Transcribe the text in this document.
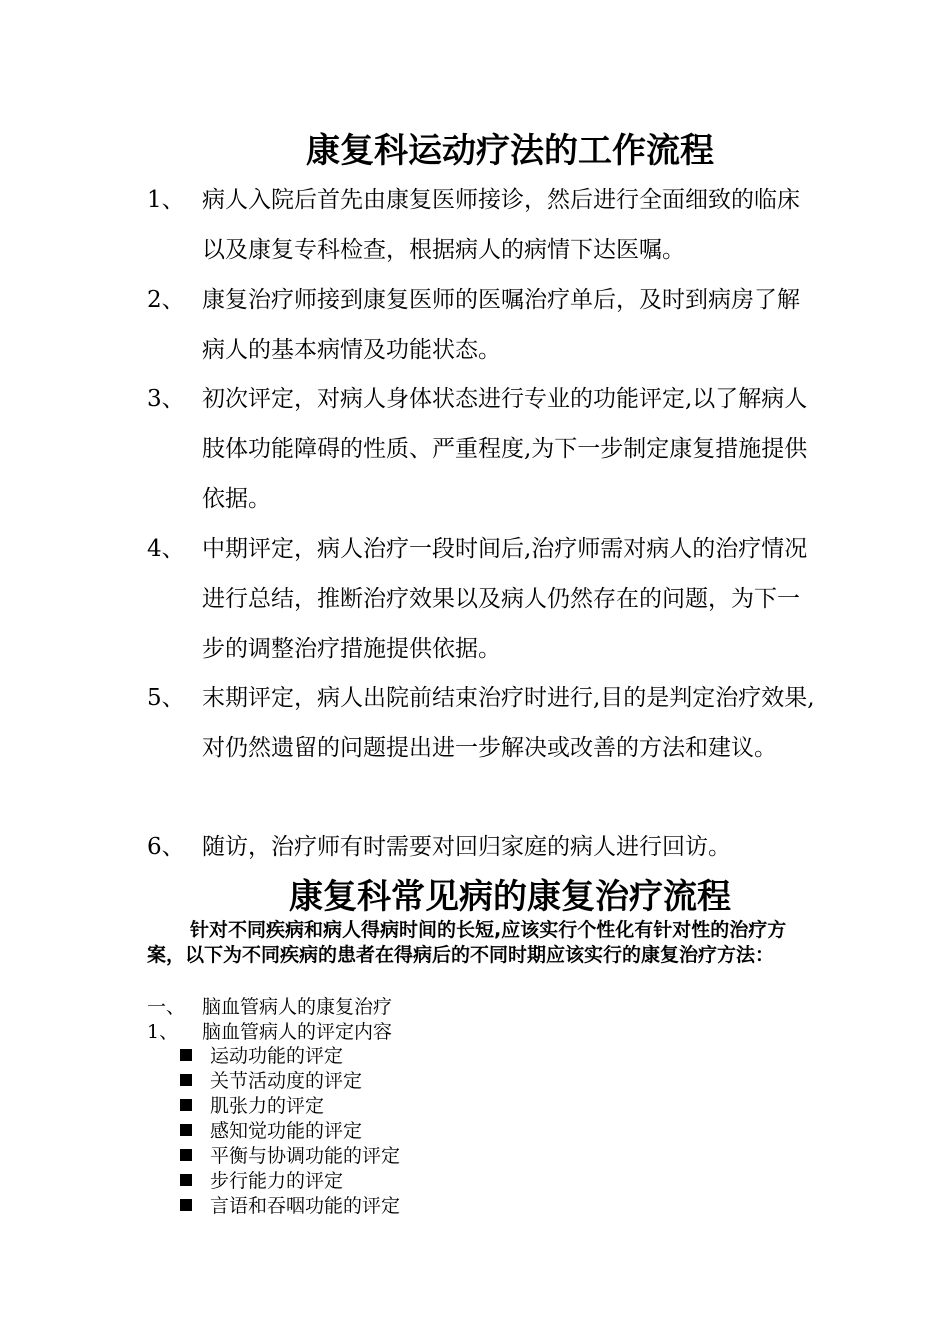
康复科运动疗法的工作流程
1、 病人入院后首先由康复医师接诊，然后进行全面细致的临床以及康复专科检查，根据病人的病情下达医嘱。
2、 康复治疗师接到康复医师的医嘱治疗单后，及时到病房了解病人的基本病情及功能状态。
3、 初次评定，对病人身体状态进行专业的功能评定,以了解病人肢体功能障碍的性质、严重程度,为下一步制定康复措施提供依据。
4、 中期评定，病人治疗一段时间后,治疗师需对病人的治疗情况进行总结，推断治疗效果以及病人仍然存在的问题，为下一步的调整治疗措施提供依据。
5、 末期评定，病人出院前结束治疗时进行,目的是判定治疗效果,对仍然遗留的问题提出进一步解决或改善的方法和建议。
6、 随访，治疗师有时需要对回归家庭的病人进行回访。
康复科常见病的康复治疗流程
针对不同疾病和病人得病时间的长短,应该实行个性化有针对性的治疗方案，以下为不同疾病的患者在得病后的不同时期应该实行的康复治疗方法：
一、 脑血管病人的康复治疗
1、 脑血管病人的评定内容
运动功能的评定
关节活动度的评定
肌张力的评定
感知觉功能的评定
平衡与协调功能的评定
步行能力的评定
言语和吞咽功能的评定
